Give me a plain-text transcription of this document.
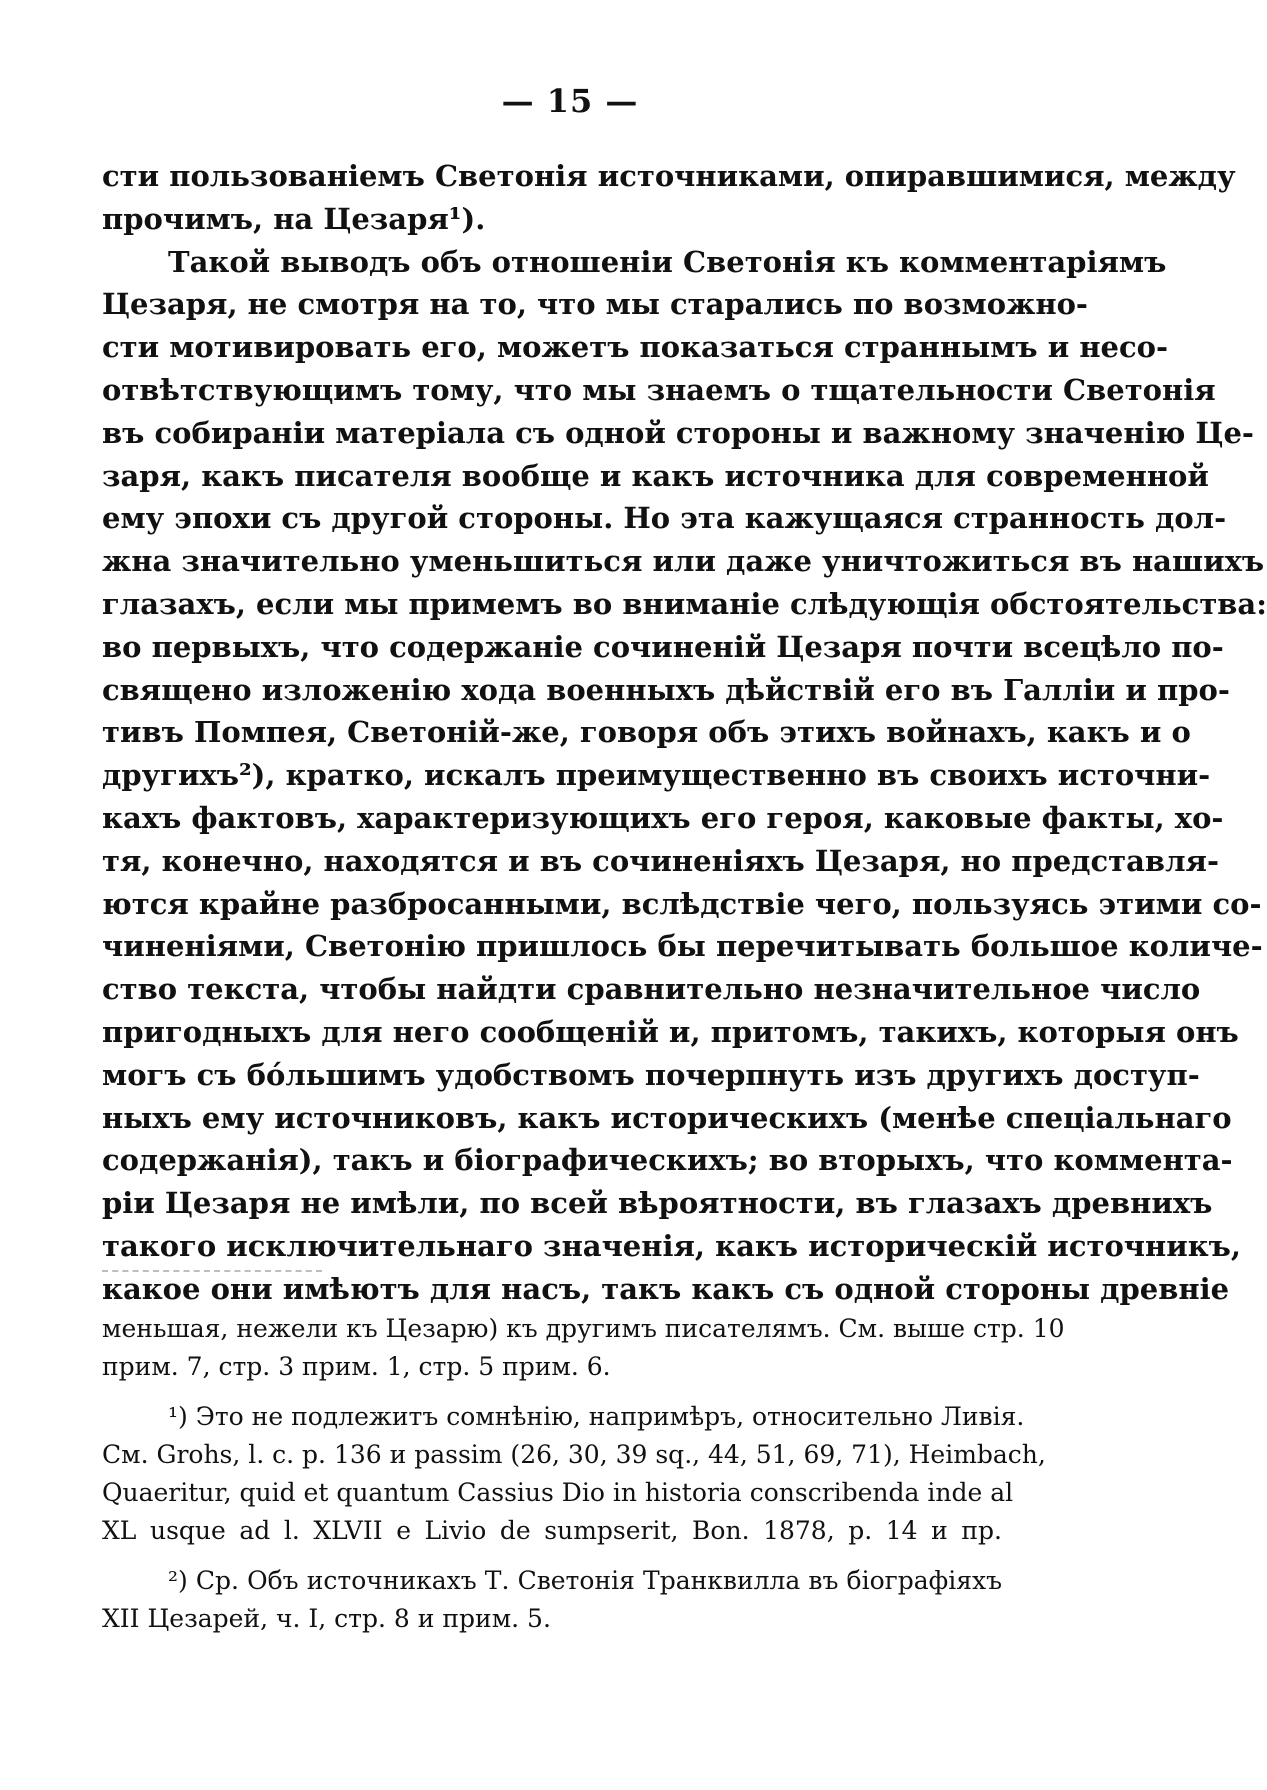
— 15 —
сти пользованіемъ Светонія источниками, опиравшимися, между
прочимъ, на Цезаря¹).
Такой выводъ объ отношеніи Светонія къ комментаріямъ
Цезаря, не смотря на то, что мы старались по возможно-
сти мотивировать его, можетъ показаться страннымъ и несо-
отвѣтствующимъ тому, что мы знаемъ о тщательности Светонія
въ собираніи матеріала съ одной стороны и важному значенію Це-
заря, какъ писателя вообще и какъ источника для современной
ему эпохи съ другой стороны. Но эта кажущаяся странность дол-
жна значительно уменьшиться или даже уничтожиться въ нашихъ
глазахъ, если мы примемъ во вниманіе слѣдующія обстоятельства:
во первыхъ, что содержаніе сочиненій Цезаря почти всецѣло по-
священо изложенію хода военныхъ дѣйствій его въ Галліи и про-
тивъ Помпея, Светоній-же, говоря объ этихъ войнахъ, какъ и о
другихъ²), кратко, искалъ преимущественно въ своихъ источни-
кахъ фактовъ, характеризующихъ его героя, каковые факты, хо-
тя, конечно, находятся и въ сочиненіяхъ Цезаря, но представля-
ются крайне разбросанными, вслѣдствіе чего, пользуясь этими со-
чиненіями, Светонію пришлось бы перечитывать большое количе-
ство текста, чтобы найдти сравнительно незначительное число
пригодныхъ для него сообщеній и, притомъ, такихъ, которыя онъ
могъ съ бо́льшимъ удобствомъ почерпнуть изъ другихъ доступ-
ныхъ ему источниковъ, какъ историческихъ (менѣе спеціальнаго
содержанія), такъ и біографическихъ; во вторыхъ, что коммента-
ріи Цезаря не имѣли, по всей вѣроятности, въ глазахъ древнихъ
такого исключительнаго значенія, какъ историческій источникъ,
какое они имѣютъ для насъ, такъ какъ съ одной стороны древніе
меньшая, нежели къ Цезарю) къ другимъ писателямъ. См. выше стр. 10
прим. 7, стр. 3 прим. 1, стр. 5 прим. 6.
¹) Это не подлежитъ сомнѣнію, напримѣръ, относительно Ливія.
См. Grohs, l. c. p. 136 и passim (26, 30, 39 sq., 44, 51, 69, 71), Heimbach,
Quaeritur, quid et quantum Cassius Dio in historia conscribenda inde al
XL usque ad l. XLVII e Livio de sumpserit, Bon. 1878, p. 14 и пр.
²) Ср. Объ источникахъ Т. Светонія Транквилла въ біографіяхъ
XII Цезарей, ч. I, стр. 8 и прим. 5.
